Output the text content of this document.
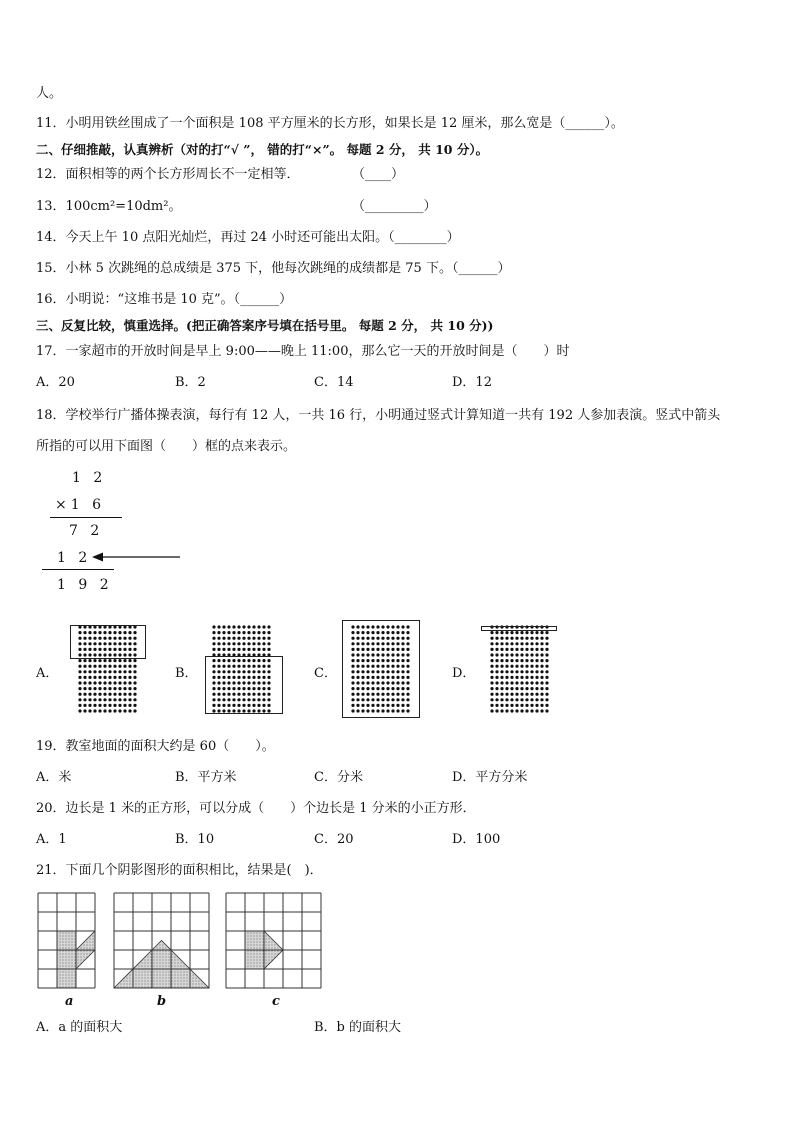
人。
11．小明用铁丝围成了一个面积是 108 平方厘米的长方形，如果长是 12 厘米，那么宽是（______）。
二、仔细推敲，认真辨析（对的打“√ ”， 错的打“×”。 每题 2 分， 共 10 分）。
12．面积相等的两个长方形周长不一定相等．	（____）
13．100cm²=10dm²。	（_________）
14．今天上午 10 点阳光灿烂，再过 24 小时还可能出太阳。（________）
15．小林 5 次跳绳的总成绩是 375 下，他每次跳绳的成绩都是 75 下。（______）
16．小明说：“这堆书是 10 克”。（______）
三、反复比较，慎重选择。(把正确答案序号填在括号里。 每题 2 分， 共 10 分))
17．一家超市的开放时间是早上 9:00——晚上 11:00，那么它一天的开放时间是（　　）时
A．20	B．2	C．14	D．12
18．学校举行广播体操表演，每行有 12 人，一共 16 行，小明通过竖式计算知道一共有 192 人参加表演。竖式中箭头
所指的可以用下面图（　　）框的点来表示。
1 2
×1 6
7 2
1 2
1 9 2
A．	B．	C．	D．
19．教室地面的面积大约是 60（　　）。
A．米	B．平方米	C．分米	D．平方分米
20．边长是 1 米的正方形，可以分成（　　）个边长是 1 分米的小正方形．
A．1	B．10	C．20	D．100
21．下面几个阴影图形的面积相比，结果是(　)．
a	b	c
A．a 的面积大	B．b 的面积大
